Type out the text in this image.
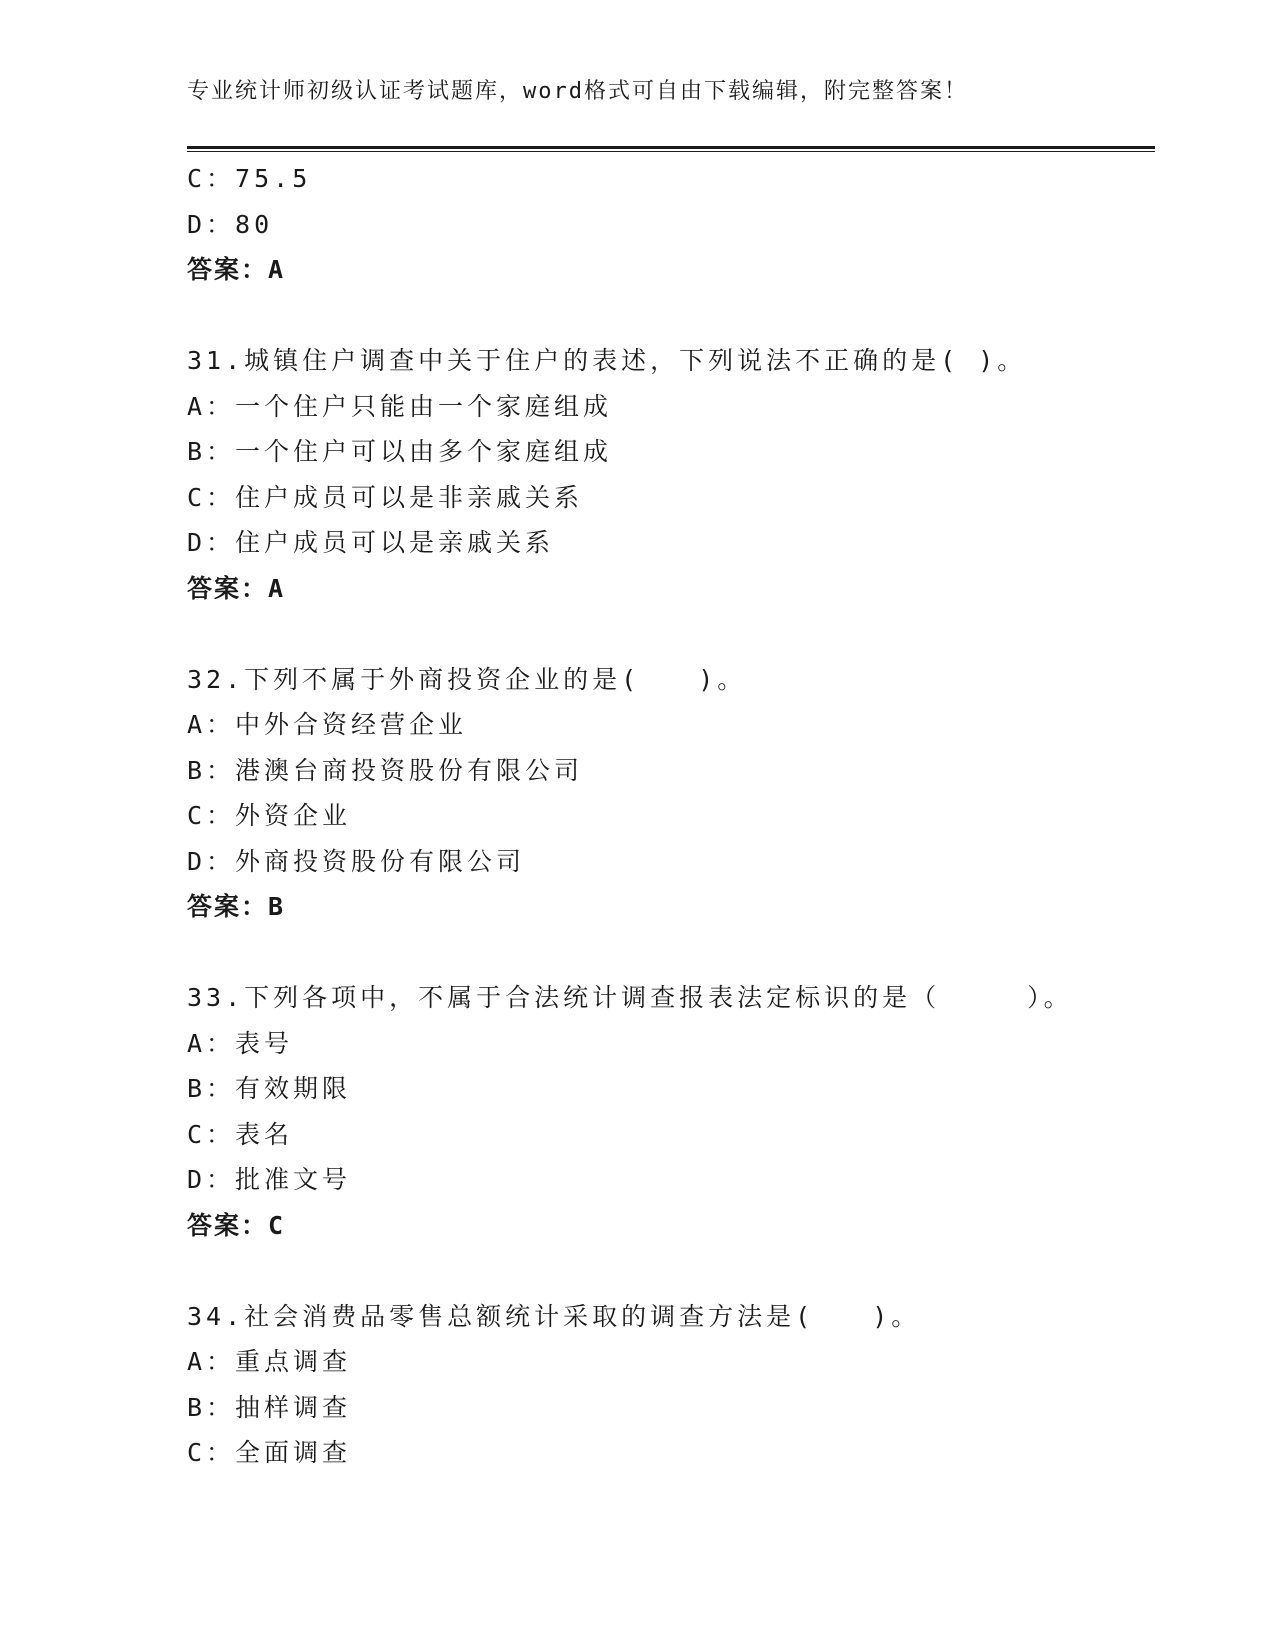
专业统计师初级认证考试题库，word格式可自由下载编辑，附完整答案！
C：75.5
D：80
答案：A
31.城镇住户调查中关于住户的表述，下列说法不正确的是( )。
A：一个住户只能由一个家庭组成
B：一个住户可以由多个家庭组成
C：住户成员可以是非亲戚关系
D：住户成员可以是亲戚关系
答案：A
32.下列不属于外商投资企业的是(　　)。
A：中外合资经营企业
B：港澳台商投资股份有限公司
C：外资企业
D：外商投资股份有限公司
答案：B
33.下列各项中，不属于合法统计调查报表法定标识的是（　　　）。
A：表号
B：有效期限
C：表名
D：批准文号
答案：C
34.社会消费品零售总额统计采取的调查方法是(　　)。
A：重点调查
B：抽样调查
C：全面调查
